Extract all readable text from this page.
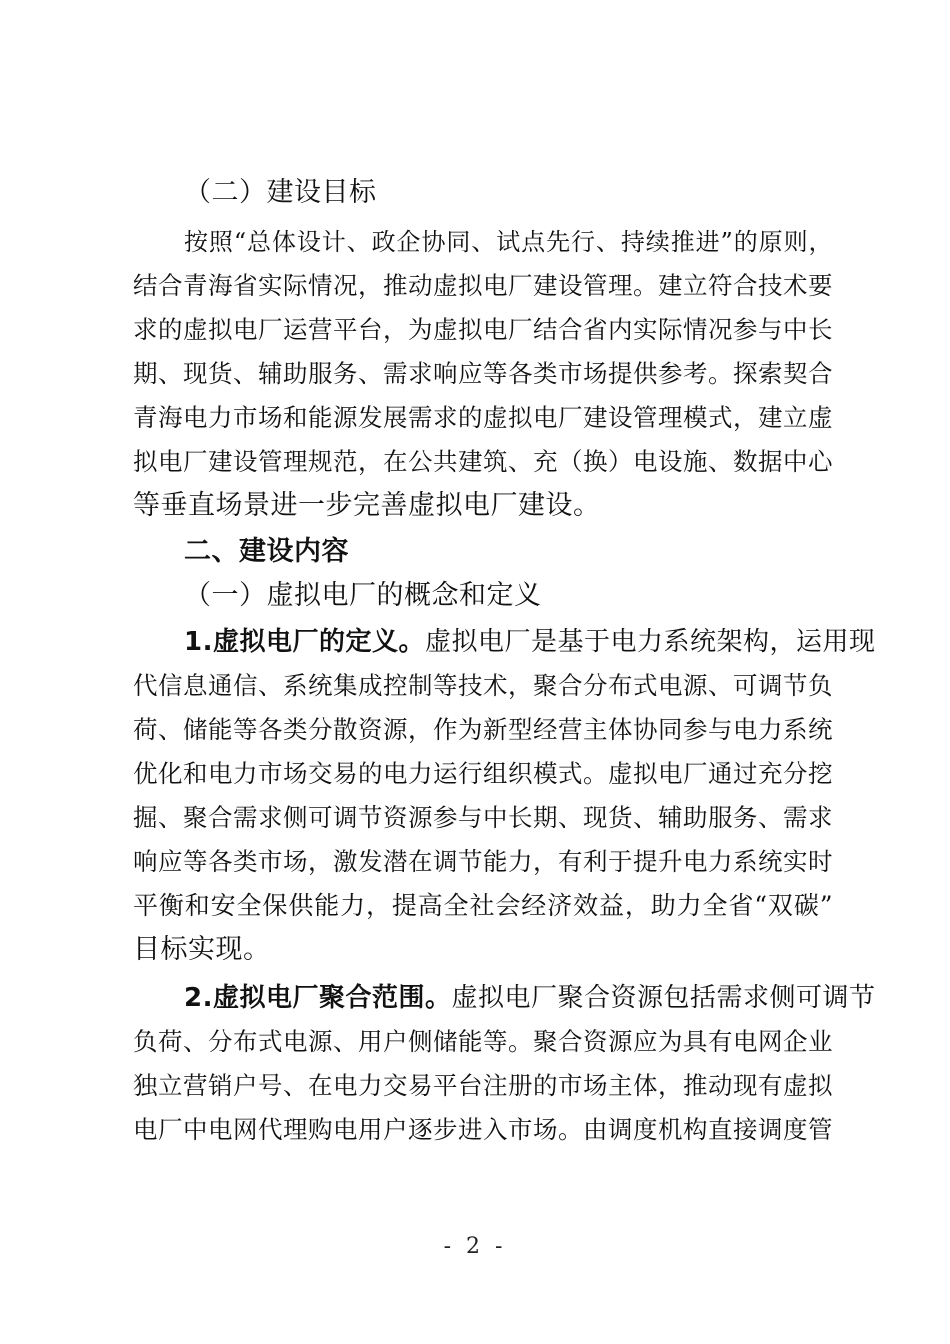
（二）建设目标

按照“总体设计、政企协同、试点先行、持续推进”的原则，

结合青海省实际情况，推动虚拟电厂建设管理。建立符合技术要

求的虚拟电厂运营平台，为虚拟电厂结合省内实际情况参与中长

期、现货、辅助服务、需求响应等各类市场提供参考。探索契合

青海电力市场和能源发展需求的虚拟电厂建设管理模式，建立虚

拟电厂建设管理规范，在公共建筑、充（换）电设施、数据中心

等垂直场景进一步完善虚拟电厂建设。

二、建设内容

（一）虚拟电厂的概念和定义

1.虚拟电厂的定义。虚拟电厂是基于电力系统架构，运用现

代信息通信、系统集成控制等技术，聚合分布式电源、可调节负

荷、储能等各类分散资源，作为新型经营主体协同参与电力系统

优化和电力市场交易的电力运行组织模式。虚拟电厂通过充分挖

掘、聚合需求侧可调节资源参与中长期、现货、辅助服务、需求

响应等各类市场，激发潜在调节能力，有利于提升电力系统实时

平衡和安全保供能力，提高全社会经济效益，助力全省“双碳”

目标实现。

2.虚拟电厂聚合范围。虚拟电厂聚合资源包括需求侧可调节

负荷、分布式电源、用户侧储能等。聚合资源应为具有电网企业

独立营销户号、在电力交易平台注册的市场主体，推动现有虚拟

电厂中电网代理购电用户逐步进入市场。由调度机构直接调度管

- 2 -
